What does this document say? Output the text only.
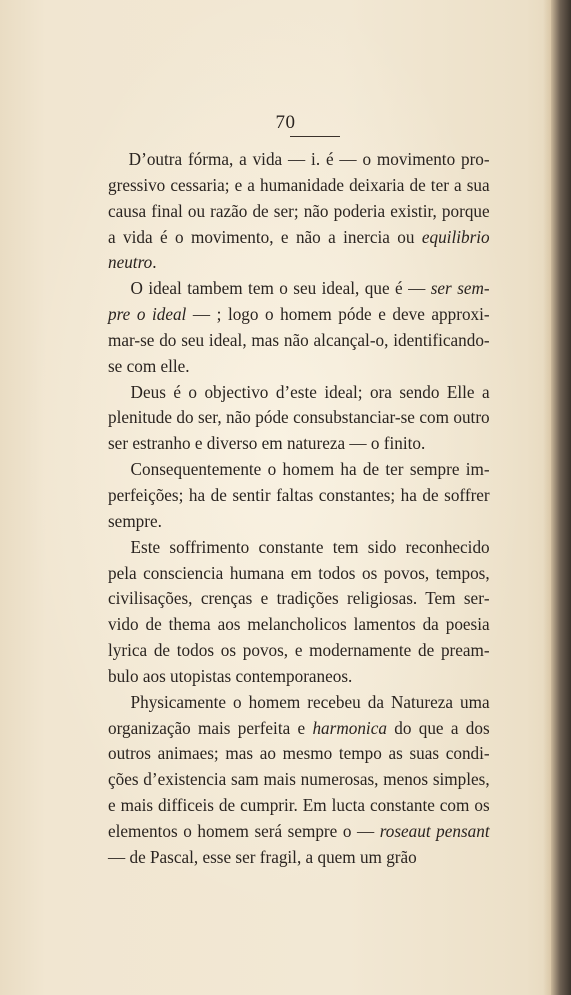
70

D’outra fórma, a vida — i. é — o movimento progressivo cessaria; e a humanidade deixaria de ter a sua causa final ou razão de ser; não poderia existir, porque a vida é o movimento, e não a inercia ou equilibrio neutro.

O ideal tambem tem o seu ideal, que é — ser sempre o ideal — ; logo o homem póde e deve approximar-se do seu ideal, mas não alcançal-o, identificando-se com elle.

Deus é o objectivo d’este ideal; ora sendo Elle a plenitude do ser, não póde consubstanciar-se com outro ser estranho e diverso em natureza — o finito.

Consequentemente o homem ha de ter sempre imperfeições; ha de sentir faltas constantes; ha de soffrer sempre.

Este soffrimento constante tem sido reconhecido pela consciencia humana em todos os povos, tempos, civilisações, crenças e tradições religiosas. Tem servido de thema aos melancholicos lamentos da poesia lyrica de todos os povos, e modernamente de preambulo aos utopistas contemporaneos.

Physicamente o homem recebeu da Natureza uma organização mais perfeita e harmonica do que a dos outros animaes; mas ao mesmo tempo as suas condições d’existencia sam mais numerosas, menos simples, e mais difficeis de cumprir. Em lucta constante com os elementos o homem será sempre o — roseaut pensant — de Pascal, esse ser fragil, a quem um grão
